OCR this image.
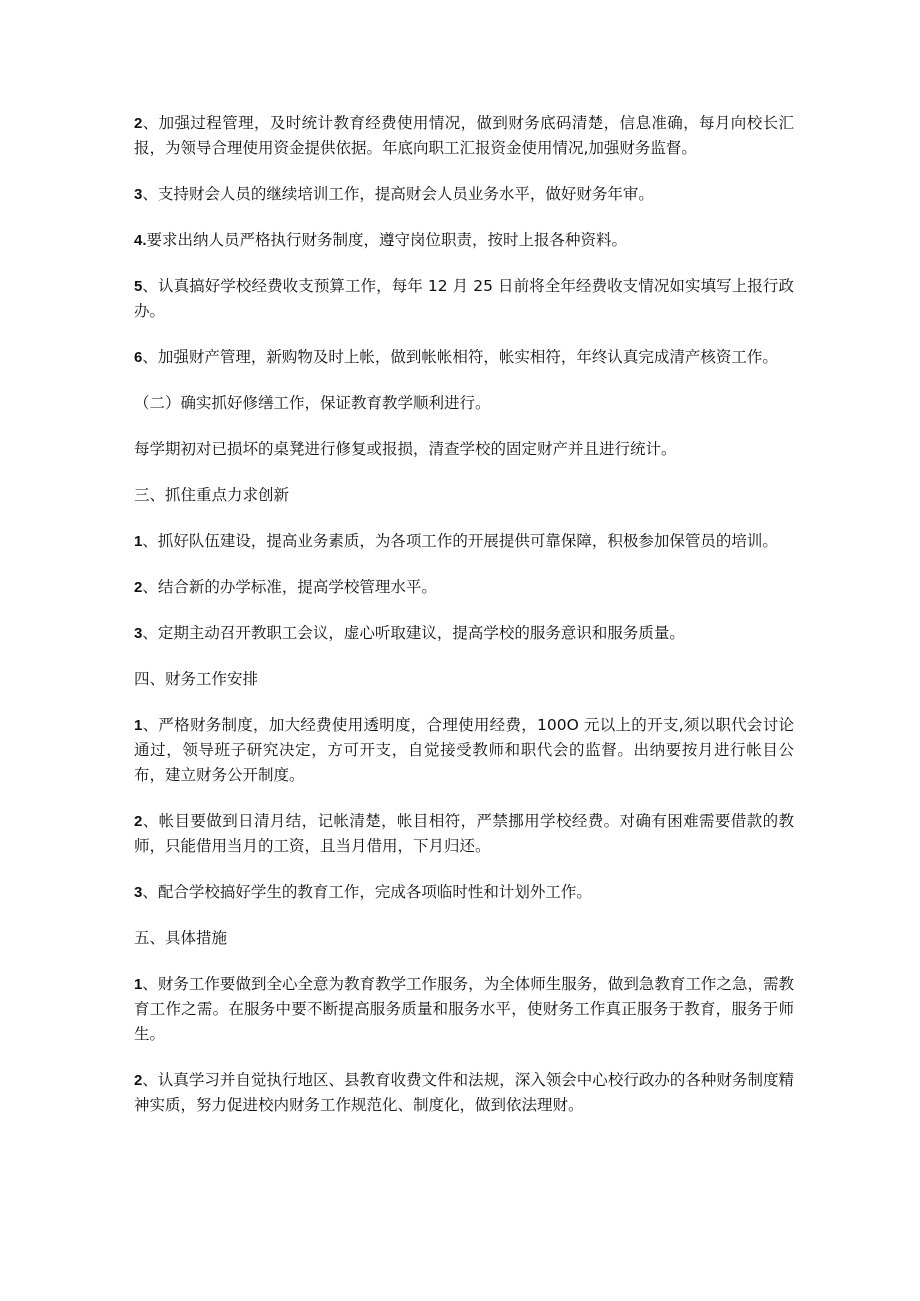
2、加强过程管理，及时统计教育经费使用情况，做到财务底码清楚，信息准确，每月向校长汇报，为领导合理使用资金提供依据。年底向职工汇报资金使用情况,加强财务监督。

3、支持财会人员的继续培训工作，提高财会人员业务水平，做好财务年审。

4.要求出纳人员严格执行财务制度，遵守岗位职责，按时上报各种资料。

5、认真搞好学校经费收支预算工作，每年 12 月 25 日前将全年经费收支情况如实填写上报行政办。

6、加强财产管理，新购物及时上帐，做到帐帐相符，帐实相符，年终认真完成清产核资工作。

（二）确实抓好修缮工作，保证教育教学顺利进行。

每学期初对已损坏的桌凳进行修复或报损，清查学校的固定财产并且进行统计。

三、抓住重点力求创新

1、抓好队伍建设，提高业务素质，为各项工作的开展提供可靠保障，积极参加保管员的培训。

2、结合新的办学标准，提高学校管理水平。

3、定期主动召开教职工会议，虚心听取建议，提高学校的服务意识和服务质量。

四、财务工作安排

1、严格财务制度，加大经费使用透明度，合理使用经费，100O 元以上的开支,须以职代会讨论通过，领导班子研究决定，方可开支，自觉接受教师和职代会的监督。出纳要按月进行帐目公布，建立财务公开制度。

2、帐目要做到日清月结，记帐清楚，帐目相符，严禁挪用学校经费。对确有困难需要借款的教师，只能借用当月的工资，且当月借用，下月归还。

3、配合学校搞好学生的教育工作，完成各项临时性和计划外工作。

五、具体措施

1、财务工作要做到全心全意为教育教学工作服务，为全体师生服务，做到急教育工作之急，需教育工作之需。在服务中要不断提高服务质量和服务水平，使财务工作真正服务于教育，服务于师生。

2、认真学习并自觉执行地区、县教育收费文件和法规，深入领会中心校行政办的各种财务制度精神实质，努力促进校内财务工作规范化、制度化，做到依法理财。
